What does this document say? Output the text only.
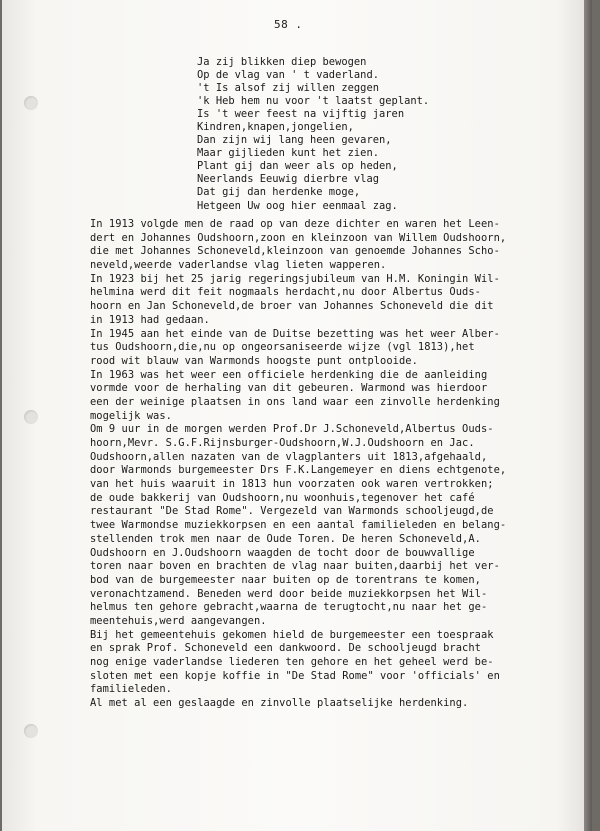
58 .
Ja zij blikken diep bewogen
Op de vlag van ' t vaderland.
't Is alsof zij willen zeggen
'k Heb hem nu voor 't laatst geplant.
Is 't weer feest na vijftig jaren
Kindren,knapen,jongelien,
Dan zijn wij lang heen gevaren,
Maar gijlieden kunt het zien.
Plant gij dan weer als op heden,
Neerlands Eeuwig dierbre vlag
Dat gij dan herdenke moge,
Hetgeen Uw oog hier eenmaal zag.
In 1913 volgde men de raad op van deze dichter en waren het Leen-
dert en Johannes Oudshoorn,zoon en kleinzoon van Willem Oudshoorn,
die met Johannes Schoneveld,kleinzoon van genoemde Johannes Scho-
neveld,weerde vaderlandse vlag lieten wapperen.
In 1923 bij het 25 jarig regeringsjubileum van H.M. Koningin Wil-
helmina werd dit feit nogmaals herdacht,nu door Albertus Ouds-
hoorn en Jan Schoneveld,de broer van Johannes Schoneveld die dit
in 1913 had gedaan.
In 1945 aan het einde van de Duitse bezetting was het weer Alber-
tus Oudshoorn,die,nu op ongeorsaniseerde wijze (vgl 1813),het
rood wit blauw van Warmonds hoogste punt ontplooide.
In 1963 was het weer een officiele herdenking die de aanleiding
vormde voor de herhaling van dit gebeuren. Warmond was hierdoor
een der weinige plaatsen in ons land waar een zinvolle herdenking
mogelijk was.
Om 9 uur in de morgen werden Prof.Dr J.Schoneveld,Albertus Ouds-
hoorn,Mevr. S.G.F.Rijnsburger-Oudshoorn,W.J.Oudshoorn en Jac.
Oudshoorn,allen nazaten van de vlagplanters uit 1813,afgehaald,
door Warmonds burgemeester Drs F.K.Langemeyer en diens echtgenote,
van het huis waaruit in 1813 hun voorzaten ook waren vertrokken;
de oude bakkerij van Oudshoorn,nu woonhuis,tegenover het café
restaurant "De Stad Rome". Vergezeld van Warmonds schooljeugd,de
twee Warmondse muziekkorpsen en een aantal familieleden en belang-
stellenden trok men naar de Oude Toren. De heren Schoneveld,A.
Oudshoorn en J.Oudshoorn waagden de tocht door de bouwvallige
toren naar boven en brachten de vlag naar buiten,daarbij het ver-
bod van de burgemeester naar buiten op de torentrans te komen,
veronachtzamend. Beneden werd door beide muziekkorpsen het Wil-
helmus ten gehore gebracht,waarna de terugtocht,nu naar het ge-
meentehuis,werd aangevangen.
Bij het gemeentehuis gekomen hield de burgemeester een toespraak
en sprak Prof. Schoneveld een dankwoord. De schooljeugd bracht
nog enige vaderlandse liederen ten gehore en het geheel werd be-
sloten met een kopje koffie in "De Stad Rome" voor 'officials' en
familieleden.
Al met al een geslaagde en zinvolle plaatselijke herdenking.
